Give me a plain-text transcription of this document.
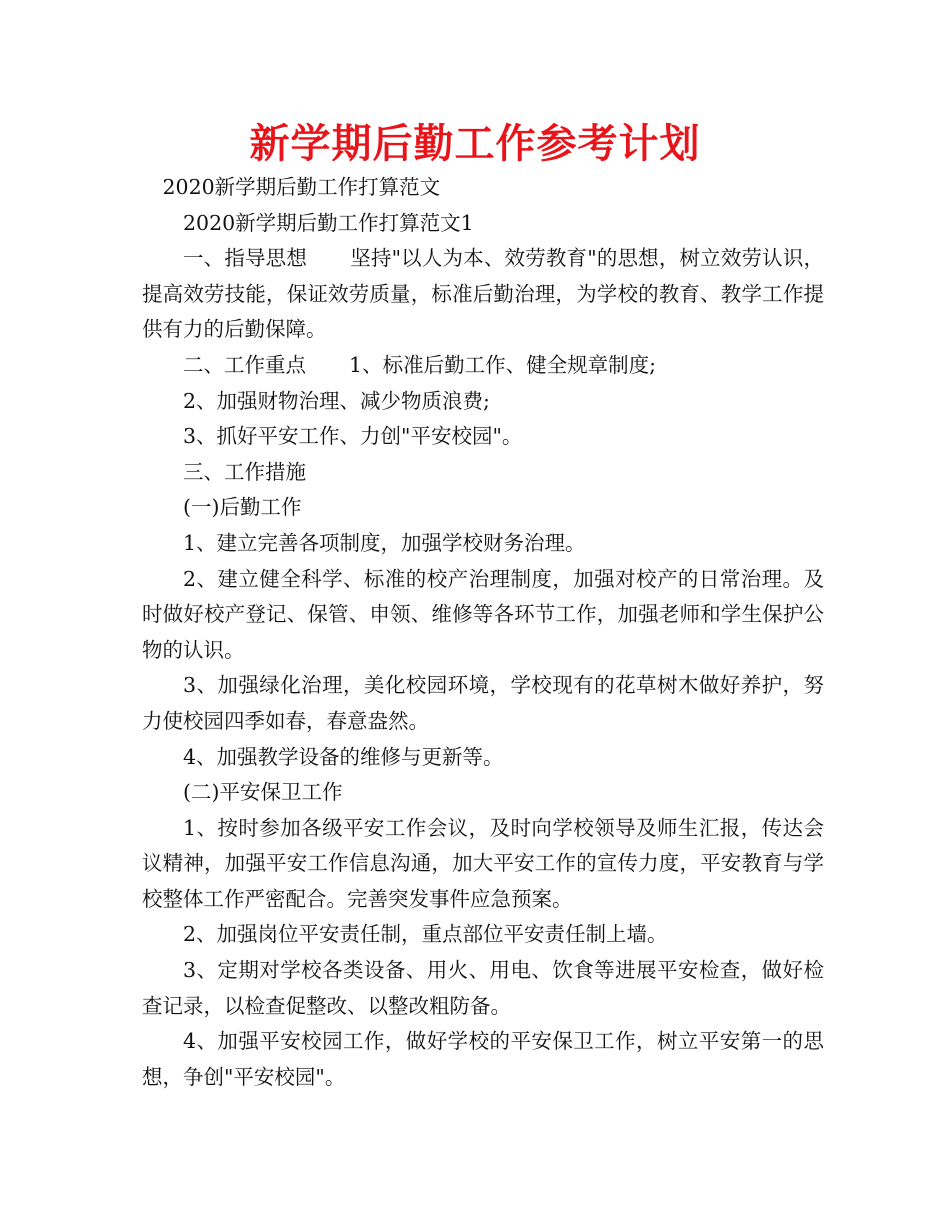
新学期后勤工作参考计划

2020新学期后勤工作打算范文

2020新学期后勤工作打算范文1

一、指导思想 坚持"以人为本、效劳教育"的思想，树立效劳认识，提高效劳技能，保证效劳质量，标准后勤治理，为学校的教育、教学工作提供有力的后勤保障。

二、工作重点 1、标准后勤工作、健全规章制度;

2、加强财物治理、减少物质浪费;

3、抓好平安工作、力创"平安校园"。

三、工作措施

(一)后勤工作

1、建立完善各项制度，加强学校财务治理。

2、建立健全科学、标准的校产治理制度，加强对校产的日常治理。及时做好校产登记、保管、申领、维修等各环节工作，加强老师和学生保护公物的认识。

3、加强绿化治理，美化校园环境，学校现有的花草树木做好养护，努力使校园四季如春，春意盎然。

4、加强教学设备的维修与更新等。

(二)平安保卫工作

1、按时参加各级平安工作会议，及时向学校领导及师生汇报，传达会议精神，加强平安工作信息沟通，加大平安工作的宣传力度，平安教育与学校整体工作严密配合。完善突发事件应急预案。

2、加强岗位平安责任制，重点部位平安责任制上墙。

3、定期对学校各类设备、用火、用电、饮食等进展平安检查，做好检查记录，以检查促整改、以整改粗防备。

4、加强平安校园工作，做好学校的平安保卫工作，树立平安第一的思想，争创"平安校园"。
